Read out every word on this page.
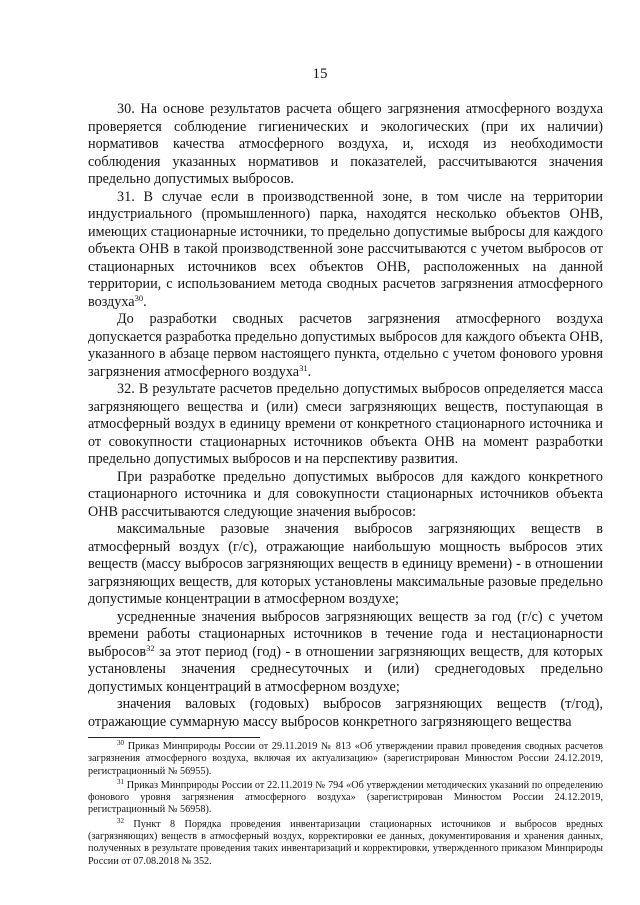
15

30. На основе результатов расчета общего загрязнения атмосферного воздуха проверяется соблюдение гигиенических и экологических (при их наличии) нормативов качества атмосферного воздуха, и, исходя из необходимости соблюдения указанных нормативов и показателей, рассчитываются значения предельно допустимых выбросов.

31. В случае если в производственной зоне, в том числе на территории индустриального (промышленного) парка, находятся несколько объектов ОНВ, имеющих стационарные источники, то предельно допустимые выбросы для каждого объекта ОНВ в такой производственной зоне рассчитываются с учетом выбросов от стационарных источников всех объектов ОНВ, расположенных на данной территории, с использованием метода сводных расчетов загрязнения атмосферного воздуха$^{30}$.

До разработки сводных расчетов загрязнения атмосферного воздуха допускается разработка предельно допустимых выбросов для каждого объекта ОНВ, указанного в абзаце первом настоящего пункта, отдельно с учетом фонового уровня загрязнения атмосферного воздуха$^{31}$.

32. В результате расчетов предельно допустимых выбросов определяется масса загрязняющего вещества и (или) смеси загрязняющих веществ, поступающая в атмосферный воздух в единицу времени от конкретного стационарного источника и от совокупности стационарных источников объекта ОНВ на момент разработки предельно допустимых выбросов и на перспективу развития.

При разработке предельно допустимых выбросов для каждого конкретного стационарного источника и для совокупности стационарных источников объекта ОНВ рассчитываются следующие значения выбросов:

максимальные разовые значения выбросов загрязняющих веществ в атмосферный воздух (г/с), отражающие наибольшую мощность выбросов этих веществ (массу выбросов загрязняющих веществ в единицу времени) - в отношении загрязняющих веществ, для которых установлены максимальные разовые предельно допустимые концентрации в атмосферном воздухе;

усредненные значения выбросов загрязняющих веществ за год (г/с) с учетом времени работы стационарных источников в течение года и нестационарности выбросов$^{32}$ за этот период (год) - в отношении загрязняющих веществ, для которых установлены значения среднесуточных и (или) среднегодовых предельно допустимых концентраций в атмосферном воздухе;

значения валовых (годовых) выбросов загрязняющих веществ (т/год), отражающие суммарную массу выбросов конкретного загрязняющего вещества

$^{30}$ Приказ Минприроды России от 29.11.2019 № 813 «Об утверждении правил проведения сводных расчетов загрязнения атмосферного воздуха, включая их актуализацию» (зарегистрирован Минюстом России 24.12.2019, регистрационный № 56955).

$^{31}$ Приказ Минприроды России от 22.11.2019 № 794 «Об утверждении методических указаний по определению фонового уровня загрязнения атмосферного воздуха» (зарегистрирован Минюстом России 24.12.2019, регистрационный № 56958).

$^{32}$ Пункт 8 Порядка проведения инвентаризации стационарных источников и выбросов вредных (загрязняющих) веществ в атмосферный воздух, корректировки ее данных, документирования и хранения данных, полученных в результате проведения таких инвентаризаций и корректировки, утвержденного приказом Минприроды России от 07.08.2018 № 352.
